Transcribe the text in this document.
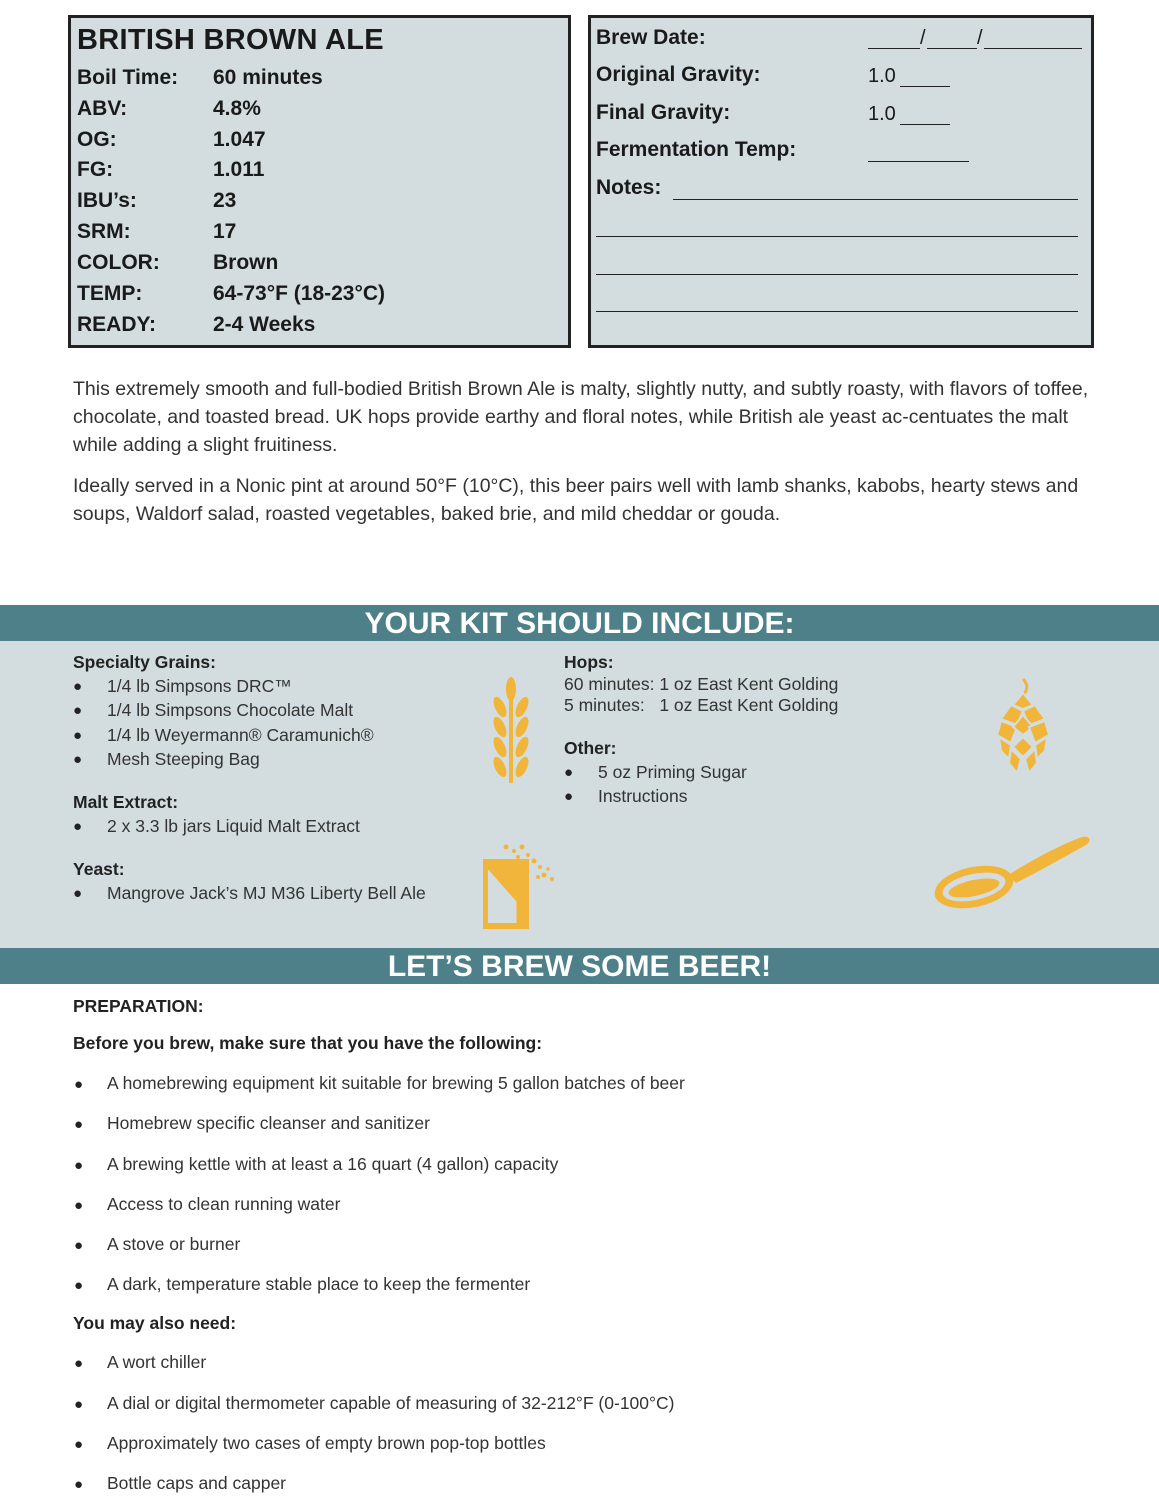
BRITISH BROWN ALE
Boil Time: 60 minutes
ABV:	4.8%
OG:	1.047
FG:	1.011
IBU’s:	23
SRM:	17
COLOR:	Brown
TEMP:	64-73°F (18-23°C)
READY:	2-4 Weeks
Brew Date:	/	/
Original Gravity:	1.0
Final Gravity:	1.0
Fermentation Temp:
Notes:
This extremely smooth and full-bodied British Brown Ale is malty, slightly nutty, and subtly roasty, with flavors of toffee, chocolate, and toasted bread. UK hops provide earthy and floral notes, while British ale yeast ac-centuates the malt while adding a slight fruitiness.
Ideally served in a Nonic pint at around 50°F (10°C), this beer pairs well with lamb shanks, kabobs, hearty stews and soups, Waldorf salad, roasted vegetables, baked brie, and mild cheddar or gouda.
YOUR KIT SHOULD INCLUDE:
Specialty Grains:
● 1/4 lb Simpsons DRC™
● 1/4 lb Simpsons Chocolate Malt
● 1/4 lb Weyermann® Caramunich®
● Mesh Steeping Bag
Malt Extract:
● 2 x 3.3 lb jars Liquid Malt Extract
Yeast:
● Mangrove Jack’s MJ M36 Liberty Bell Ale
Hops:
60 minutes: 1 oz East Kent Golding
5 minutes:   1 oz East Kent Golding
Other:
● 5 oz Priming Sugar
● Instructions
LET’S BREW SOME BEER!
PREPARATION:
Before you brew, make sure that you have the following:
● A homebrewing equipment kit suitable for brewing 5 gallon batches of beer
● Homebrew specific cleanser and sanitizer
● A brewing kettle with at least a 16 quart (4 gallon) capacity
● Access to clean running water
● A stove or burner
● A dark, temperature stable place to keep the fermenter
You may also need:
● A wort chiller
● A dial or digital thermometer capable of measuring of 32-212°F (0-100°C)
● Approximately two cases of empty brown pop-top bottles
● Bottle caps and capper
